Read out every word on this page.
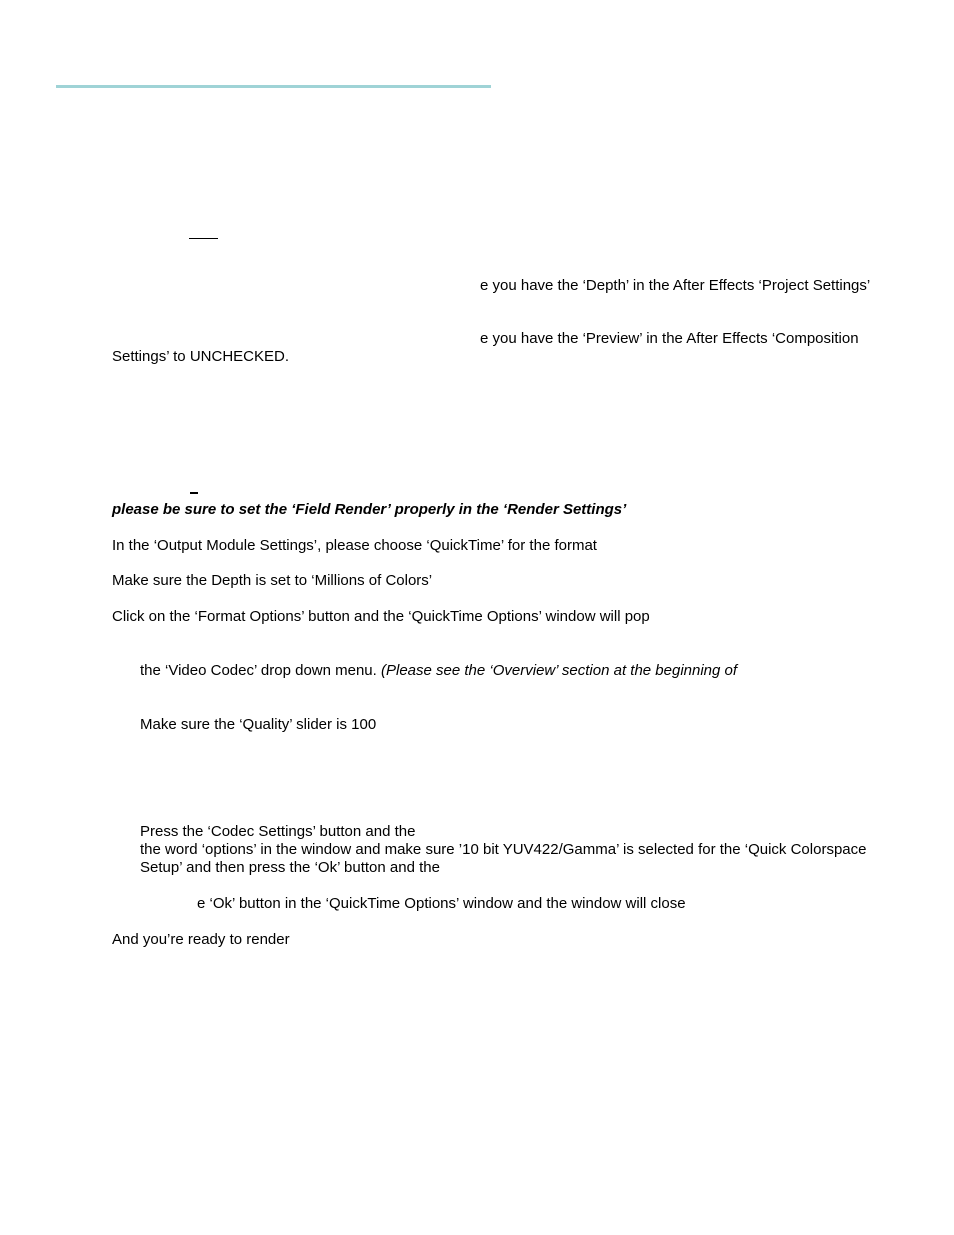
e you have the ‘Depth’ in the After Effects ‘Project Settings’

e you have the ‘Preview’ in the After Effects ‘Composition

Settings’ to UNCHECKED.

please be sure to set the ‘Field Render’ properly in the ‘Render Settings’

In the ‘Output Module Settings’, please choose ‘QuickTime’ for the format

Make sure the Depth is set to ‘Millions of Colors’

Click on the ‘Format Options’ button and the ‘QuickTime Options’ window will pop

the ‘Video Codec’ drop down menu. (Please see the ‘Overview’ section at the beginning of

Make sure the ‘Quality’ slider is 100

Press the ‘Codec Settings’ button and the

the word ‘options’ in the window and make sure ’10 bit YUV422/Gamma’ is selected for the ‘Quick Colorspace

Setup’ and then press the ‘Ok’ button and the

e ‘Ok’ button in the ‘QuickTime Options’ window and the window will close

And you’re ready to render
